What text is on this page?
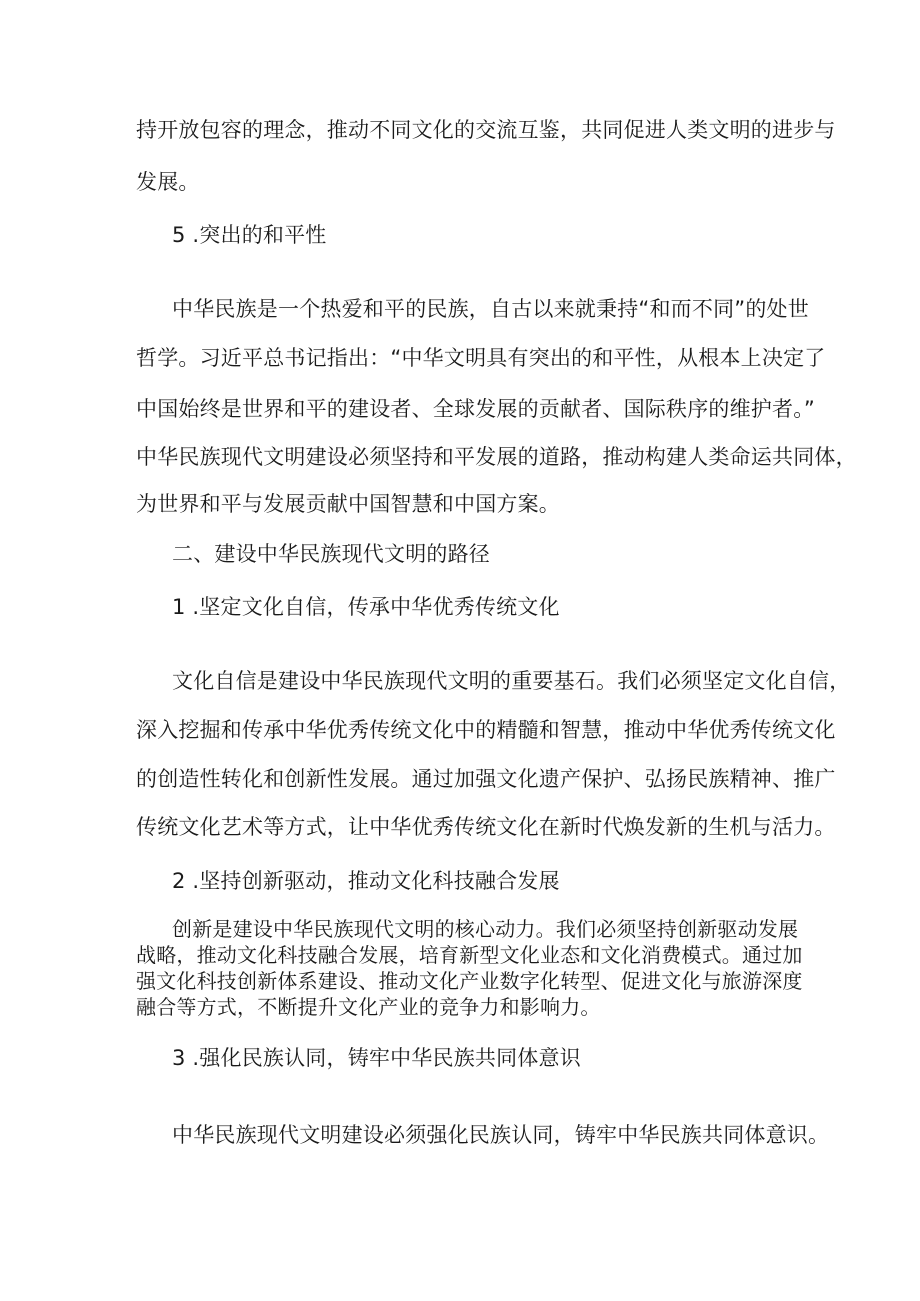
持开放包容的理念，推动不同文化的交流互鉴，共同促进人类文明的进步与
发展。
5 .突出的和平性
中华民族是一个热爱和平的民族，自古以来就秉持“和而不同”的处世
哲学。习近平总书记指出：“中华文明具有突出的和平性，从根本上决定了
中国始终是世界和平的建设者、全球发展的贡献者、国际秩序的维护者。”
中华民族现代文明建设必须坚持和平发展的道路，推动构建人类命运共同体，
为世界和平与发展贡献中国智慧和中国方案。
二、建设中华民族现代文明的路径
1 .坚定文化自信，传承中华优秀传统文化
文化自信是建设中华民族现代文明的重要基石。我们必须坚定文化自信，
深入挖掘和传承中华优秀传统文化中的精髓和智慧，推动中华优秀传统文化
的创造性转化和创新性发展。通过加强文化遗产保护、弘扬民族精神、推广
传统文化艺术等方式，让中华优秀传统文化在新时代焕发新的生机与活力。
2 .坚持创新驱动，推动文化科技融合发展
创新是建设中华民族现代文明的核心动力。我们必须坚持创新驱动发展
战略，推动文化科技融合发展，培育新型文化业态和文化消费模式。通过加
强文化科技创新体系建设、推动文化产业数字化转型、促进文化与旅游深度
融合等方式，不断提升文化产业的竞争力和影响力。
3 .强化民族认同，铸牢中华民族共同体意识
中华民族现代文明建设必须强化民族认同，铸牢中华民族共同体意识。
